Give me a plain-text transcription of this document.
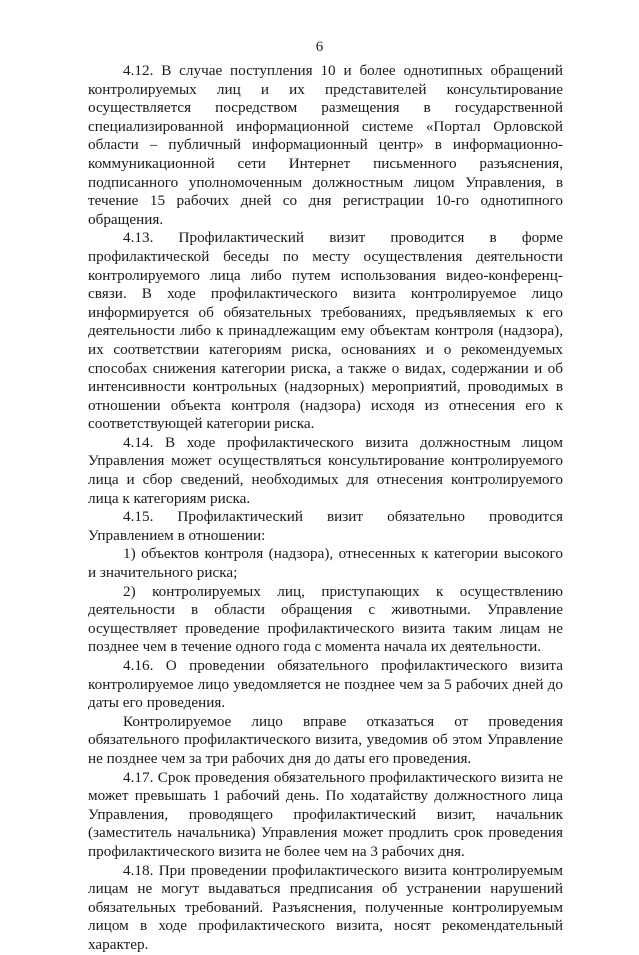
6

4.12. В случае поступления 10 и более однотипных обращений контролируемых лиц и их представителей консультирование осуществляется посредством размещения в государственной специализированной информационной системе «Портал Орловской области – публичный информационный центр» в информационно-коммуникационной сети Интернет письменного разъяснения, подписанного уполномоченным должностным лицом Управления, в течение 15 рабочих дней со дня регистрации 10-го однотипного обращения.

4.13. Профилактический визит проводится в форме профилактической беседы по месту осуществления деятельности контролируемого лица либо путем использования видео-конференц-связи. В ходе профилактического визита контролируемое лицо информируется об обязательных требованиях, предъявляемых к его деятельности либо к принадлежащим ему объектам контроля (надзора), их соответствии категориям риска, основаниях и о рекомендуемых способах снижения категории риска, а также о видах, содержании и об интенсивности контрольных (надзорных) мероприятий, проводимых в отношении объекта контроля (надзора) исходя из отнесения его к соответствующей категории риска.

4.14. В ходе профилактического визита должностным лицом Управления может осуществляться консультирование контролируемого лица и сбор сведений, необходимых для отнесения контролируемого лица к категориям риска.

4.15. Профилактический визит обязательно проводится Управлением в отношении:

1) объектов контроля (надзора), отнесенных к категории высокого и значительного риска;

2) контролируемых лиц, приступающих к осуществлению деятельности в области обращения с животными. Управление осуществляет проведение профилактического визита таким лицам не позднее чем в течение одного года с момента начала их деятельности.

4.16. О проведении обязательного профилактического визита контролируемое лицо уведомляется не позднее чем за 5 рабочих дней до даты его проведения.

Контролируемое лицо вправе отказаться от проведения обязательного профилактического визита, уведомив об этом Управление не позднее чем за три рабочих дня до даты его проведения.

4.17. Срок проведения обязательного профилактического визита не может превышать 1 рабочий день. По ходатайству должностного лица Управления, проводящего профилактический визит, начальник (заместитель начальника) Управления может продлить срок проведения профилактического визита не более чем на 3 рабочих дня.

4.18. При проведении профилактического визита контролируемым лицам не могут выдаваться предписания об устранении нарушений обязательных требований. Разъяснения, полученные контролируемым лицом в ходе профилактического визита, носят рекомендательный характер.
